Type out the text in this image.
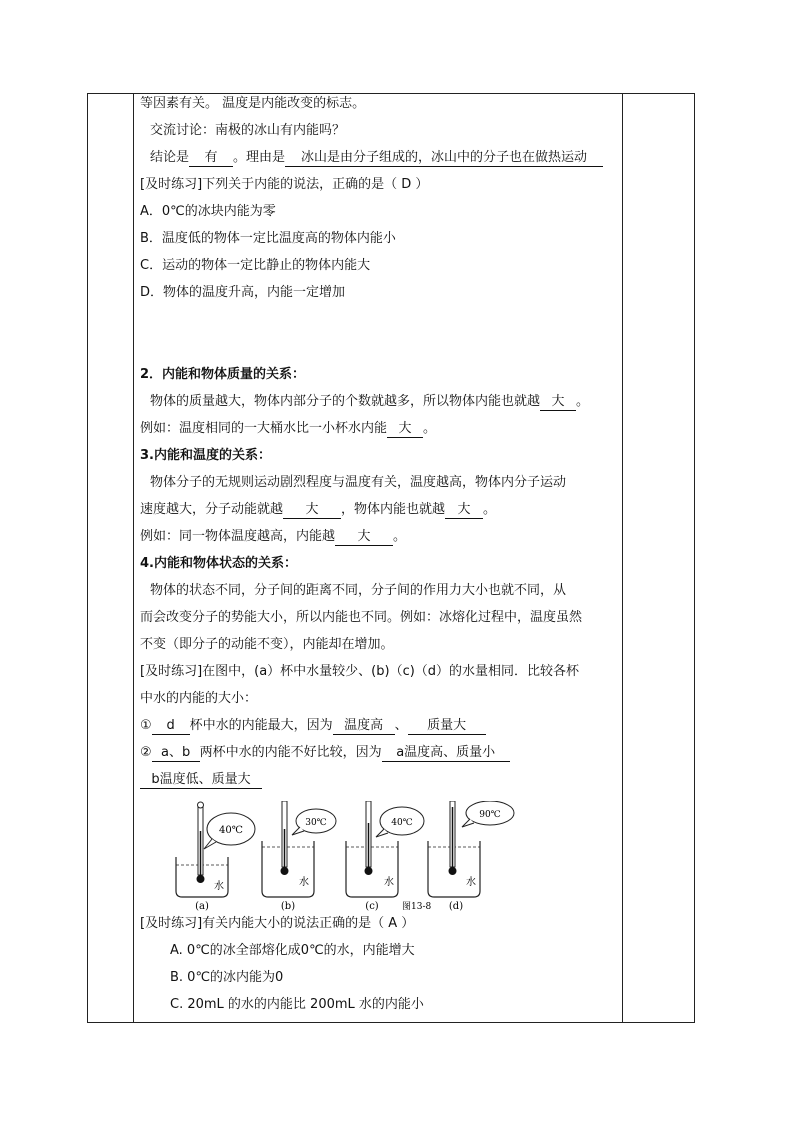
等因素有关。 温度是内能改变的标志。
交流讨论：南极的冰山有内能吗？
结论是 有 。理由是 冰山是由分子组成的，冰山中的分子也在做热运动
[及时练习]下列关于内能的说法，正确的是（ D ）
A．0℃的冰块内能为零
B．温度低的物体一定比温度高的物体内能小
C．运动的物体一定比静止的物体内能大
D．物体的温度升高，内能一定增加
2．内能和物体质量的关系：
物体的质量越大，物体内部分子的个数就越多，所以物体内能也就越 大 。
例如：温度相同的一大桶水比一小杯水内能 大 。
3.内能和温度的关系：
物体分子的无规则运动剧烈程度与温度有关，温度越高，物体内分子运动
速度越大，分子动能就越 大 ，物体内能也就越 大 。
例如：同一物体温度越高，内能越 大 。
4.内能和物体状态的关系：
物体的状态不同，分子间的距离不同，分子间的作用力大小也就不同，从
而会改变分子的势能大小，所以内能也不同。例如：冰熔化过程中，温度虽然
不变（即分子的动能不变），内能却在增加。
[及时练习]在图中，(a）杯中水量较少、(b)（c)（d）的水量相同．比较各杯
中水的内能的大小：
① d 杯中水的内能最大，因为 温度高 、 质量大
② a、b 两杯中水的内能不好比较，因为 a温度高、质量小
b温度低、质量大
40℃
水
(a)
30℃
水
(b)
40℃
水
(c)	图13-8
90℃
水
(d)
[及时练习]有关内能大小的说法正确的是（ A ）
A. 0℃的冰全部熔化成0℃的水，内能增大
B. 0℃的冰内能为0
C. 20mL 的水的内能比 200mL 水的内能小
